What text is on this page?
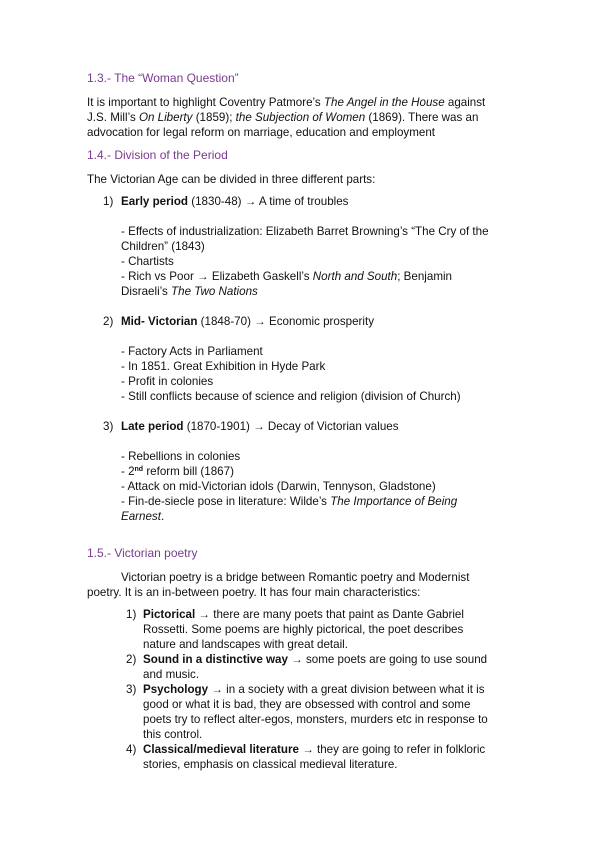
1.3.- The “Woman Question”
It is important to highlight Coventry Patmore’s The Angel in the House against
J.S. Mill’s On Liberty (1859); the Subjection of Women (1869). There was an
advocation for legal reform on marriage, education and employment
1.4.- Division of the Period
The Victorian Age can be divided in three different parts:
1) Early period (1830-48) → A time of troubles
- Effects of industrialization: Elizabeth Barret Browning’s “The Cry of the
Children” (1843)
- Chartists
- Rich vs Poor → Elizabeth Gaskell’s North and South; Benjamin
Disraeli’s The Two Nations
2) Mid- Victorian (1848-70) → Economic prosperity
- Factory Acts in Parliament
- In 1851. Great Exhibition in Hyde Park
- Profit in colonies
- Still conflicts because of science and religion (division of Church)
3) Late period (1870-1901) → Decay of Victorian values
- Rebellions in colonies
- 2nd reform bill (1867)
- Attack on mid-Victorian idols (Darwin, Tennyson, Gladstone)
- Fin-de-siecle pose in literature: Wilde’s The Importance of Being
Earnest.
1.5.- Victorian poetry
Victorian poetry is a bridge between Romantic poetry and Modernist
poetry. It is an in-between poetry. It has four main characteristics:
1) Pictorical → there are many poets that paint as Dante Gabriel
Rossetti. Some poems are highly pictorical, the poet describes
nature and landscapes with great detail.
2) Sound in a distinctive way → some poets are going to use sound
and music.
3) Psychology → in a society with a great division between what it is
good or what it is bad, they are obsessed with control and some
poets try to reflect alter-egos, monsters, murders etc in response to
this control.
4) Classical/medieval literature → they are going to refer in folkloric
stories, emphasis on classical medieval literature.
